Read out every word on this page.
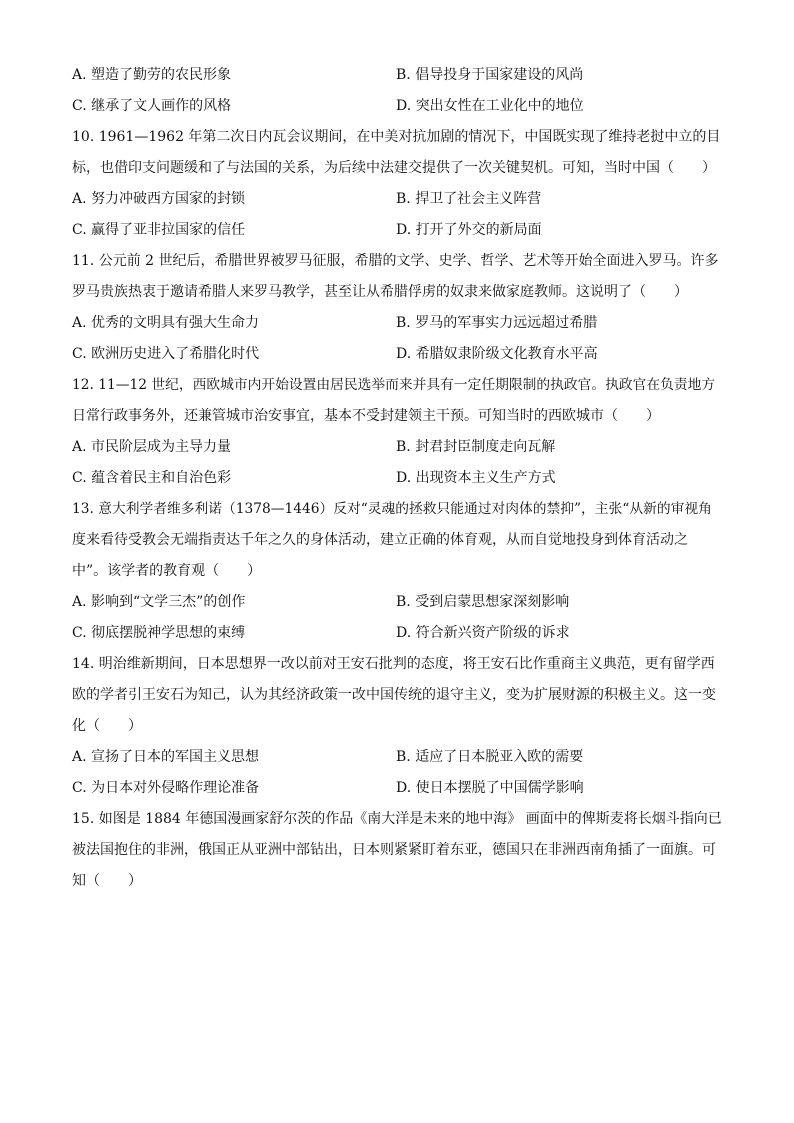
A. 塑造了勤劳的农民形象	B. 倡导投身于国家建设的风尚
C. 继承了文人画作的风格	D. 突出女性在工业化中的地位
10. 1961—1962 年第二次日内瓦会议期间，在中美对抗加剧的情况下，中国既实现了维持老挝中立的目
标，也借印支问题缓和了与法国的关系，为后续中法建交提供了一次关键契机。可知，当时中国（　　）
A. 努力冲破西方国家的封锁	B. 捍卫了社会主义阵营
C. 赢得了亚非拉国家的信任	D. 打开了外交的新局面
11. 公元前 2 世纪后，希腊世界被罗马征服，希腊的文学、史学、哲学、艺术等开始全面进入罗马。许多
罗马贵族热衷于邀请希腊人来罗马教学，甚至让从希腊俘虏的奴隶来做家庭教师。这说明了（　　）
A. 优秀的文明具有强大生命力	B. 罗马的军事实力远远超过希腊
C. 欧洲历史进入了希腊化时代	D. 希腊奴隶阶级文化教育水平高
12. 11—12 世纪，西欧城市内开始设置由居民选举而来并具有一定任期限制的执政官。执政官在负责地方
日常行政事务外，还兼管城市治安事宜，基本不受封建领主干预。可知当时的西欧城市（　　）
A. 市民阶层成为主导力量	B. 封君封臣制度走向瓦解
C. 蕴含着民主和自治色彩	D. 出现资本主义生产方式
13. 意大利学者维多利诺（1378—1446）反对“灵魂的拯救只能通过对肉体的禁抑”，主张“从新的审视角
度来看待受教会无端指责达千年之久的身体活动，建立正确的体育观，从而自觉地投身到体育活动之
中”。该学者的教育观（　　）
A. 影响到“文学三杰”的创作	B. 受到启蒙思想家深刻影响
C. 彻底摆脱神学思想的束缚	D. 符合新兴资产阶级的诉求
14. 明治维新期间，日本思想界一改以前对王安石批判的态度，将王安石比作重商主义典范，更有留学西
欧的学者引王安石为知己，认为其经济政策一改中国传统的退守主义，变为扩展财源的积极主义。这一变
化（　　）
A. 宣扬了日本的军国主义思想	B. 适应了日本脱亚入欧的需要
C. 为日本对外侵略作理论准备	D. 使日本摆脱了中国儒学影响
15. 如图是 1884 年德国漫画家舒尔茨的作品《南大洋是未来的地中海》 画面中的俾斯麦将长烟斗指向已
被法国抱住的非洲，俄国正从亚洲中部钻出，日本则紧紧盯着东亚，德国只在非洲西南角插了一面旗。可
知（　　）
